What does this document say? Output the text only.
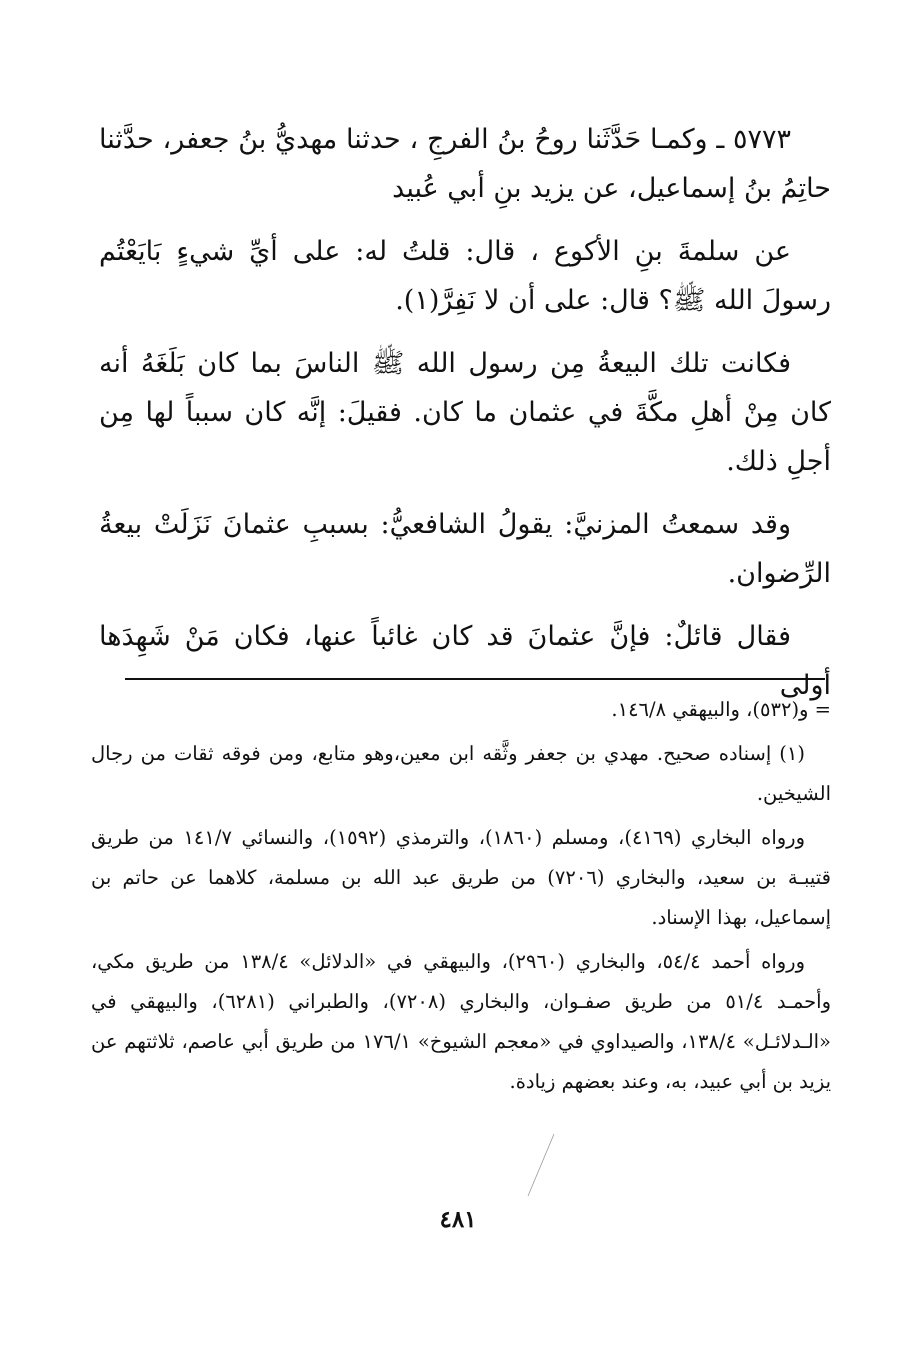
٥٧٧٣ ـ وكمـا حَدَّثَنا روحُ بنُ الفرجِ ، حدثنا مهديُّ بنُ جعفر، حدَّثنا حاتِمُ بنُ إسماعيل، عن يزيد بنِ أبي عُبيد

عن سلمةَ بنِ الأكوع ، قال: قلتُ له: على أيِّ شيءٍ بَايَعْتُم رسولَ الله ﷺ؟ قال: على أن لا نَفِرَّ(١).

فكانت تلك البيعةُ مِن رسول الله ﷺ الناسَ بما كان بَلَغَهُ أنه كان مِنْ أهلِ مكَّةَ في عثمان ما كان. فقيلَ: إنَّه كان سبباً لها مِن أجلِ ذلك.

وقد سمعتُ المزنيَّ: يقولُ الشافعيُّ: بسببِ عثمانَ نَزَلَتْ بيعةُ الرِّضوان.

فقال قائلٌ: فإنَّ عثمانَ قد كان غائباً عنها، فكان مَنْ شَهِدَها أولى

= و(٥٣٢)، والبيهقي ١٤٦/٨.

(١) إسناده صحيح. مهدي بن جعفر وثَّقه ابن معين،وهو متابع، ومن فوقه ثقات من رجال الشيخين.

ورواه البخاري (٤١٦٩)، ومسلم (١٨٦٠)، والترمذي (١٥٩٢)، والنسائي ١٤١/٧ من طريق قتيبـة بن سعيد، والبخاري (٧٢٠٦) من طريق عبد الله بن مسلمة، كلاهما عن حاتم بن إسماعيل، بهذا الإسناد.

ورواه أحمد ٥٤/٤، والبخاري (٢٩٦٠)، والبيهقي في «الدلائل» ١٣٨/٤ من طريق مكي، وأحمـد ٥١/٤ من طريق صفـوان، والبخاري (٧٢٠٨)، والطبراني (٦٢٨١)، والبيهقي في «الـدلائـل» ١٣٨/٤، والصيداوي في «معجم الشيوخ» ١٧٦/١ من طريق أبي عاصم، ثلاثتهم عن يزيد بن أبي عبيد، به، وعند بعضهم زيادة.

٤٨١
